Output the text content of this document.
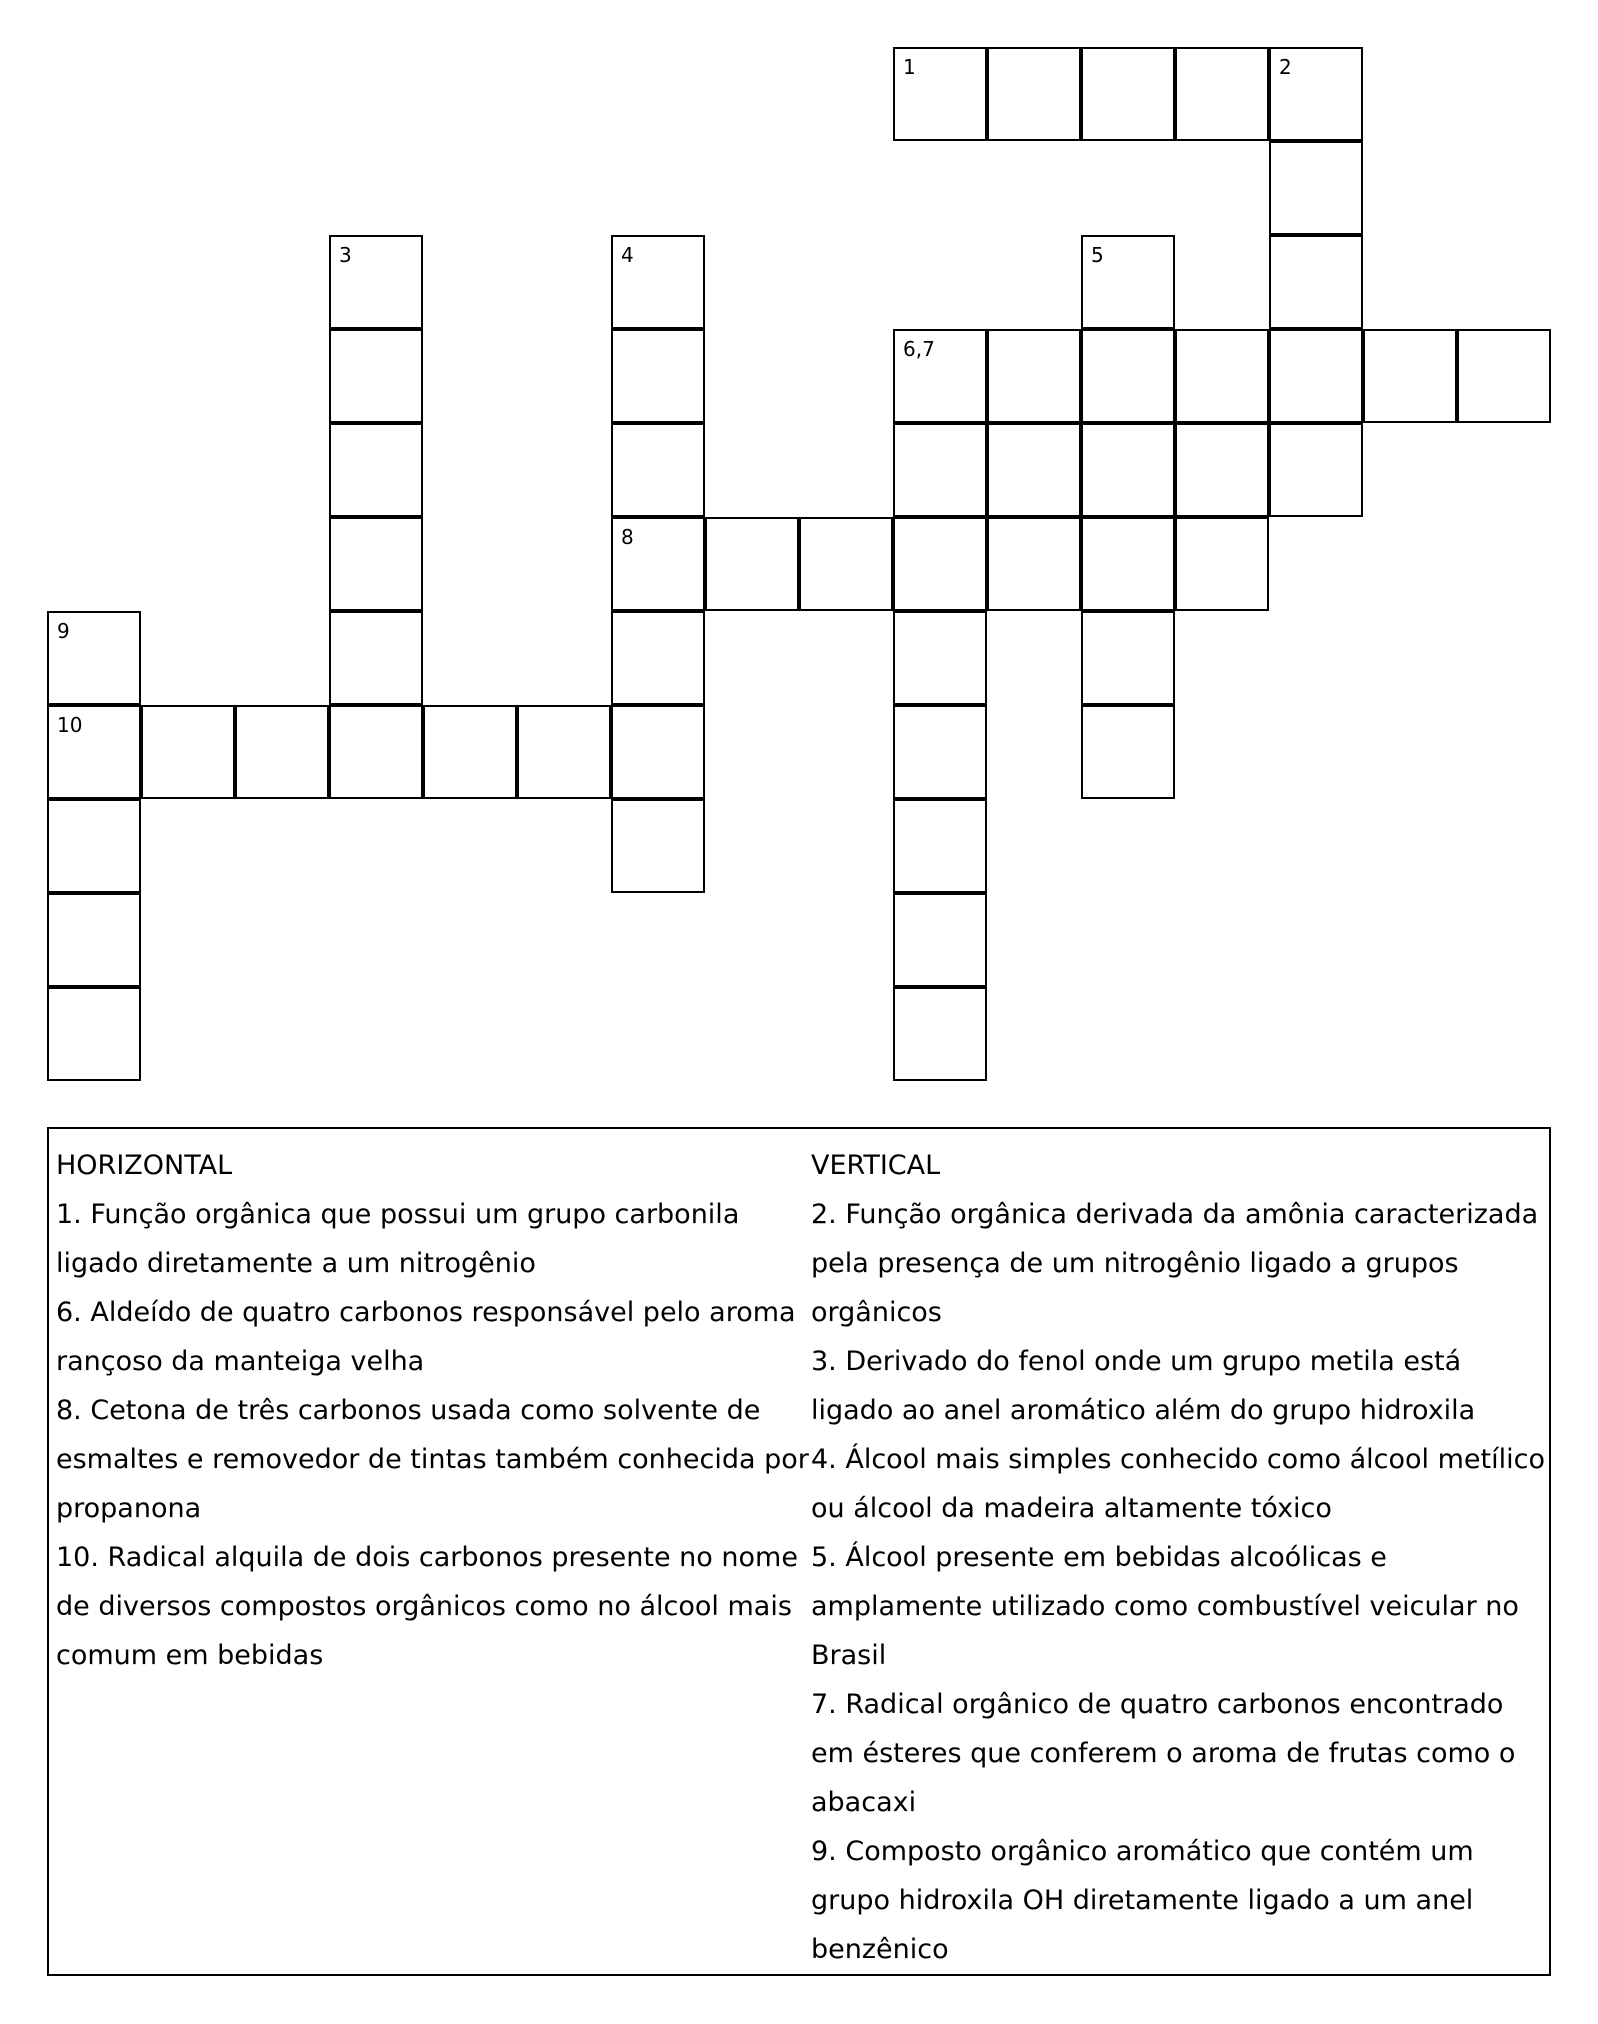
1	2
3	4	5
6,7
8
9
10

HORIZONTAL

1. Função orgânica que possui um grupo carbonila ligado diretamente a um nitrogênio

6. Aldeído de quatro carbonos responsável pelo aroma rançoso da manteiga velha

8. Cetona de três carbonos usada como solvente de esmaltes e removedor de tintas também conhecida por propanona

10. Radical alquila de dois carbonos presente no nome de diversos compostos orgânicos como no álcool mais comum em bebidas

VERTICAL

2. Função orgânica derivada da amônia caracterizada pela presença de um nitrogênio ligado a grupos orgânicos

3. Derivado do fenol onde um grupo metila está ligado ao anel aromático além do grupo hidroxila

4. Álcool mais simples conhecido como álcool metílico ou álcool da madeira altamente tóxico

5. Álcool presente em bebidas alcoólicas e amplamente utilizado como combustível veicular no Brasil

7. Radical orgânico de quatro carbonos encontrado em ésteres que conferem o aroma de frutas como o abacaxi

9. Composto orgânico aromático que contém um grupo hidroxila OH diretamente ligado a um anel benzênico
